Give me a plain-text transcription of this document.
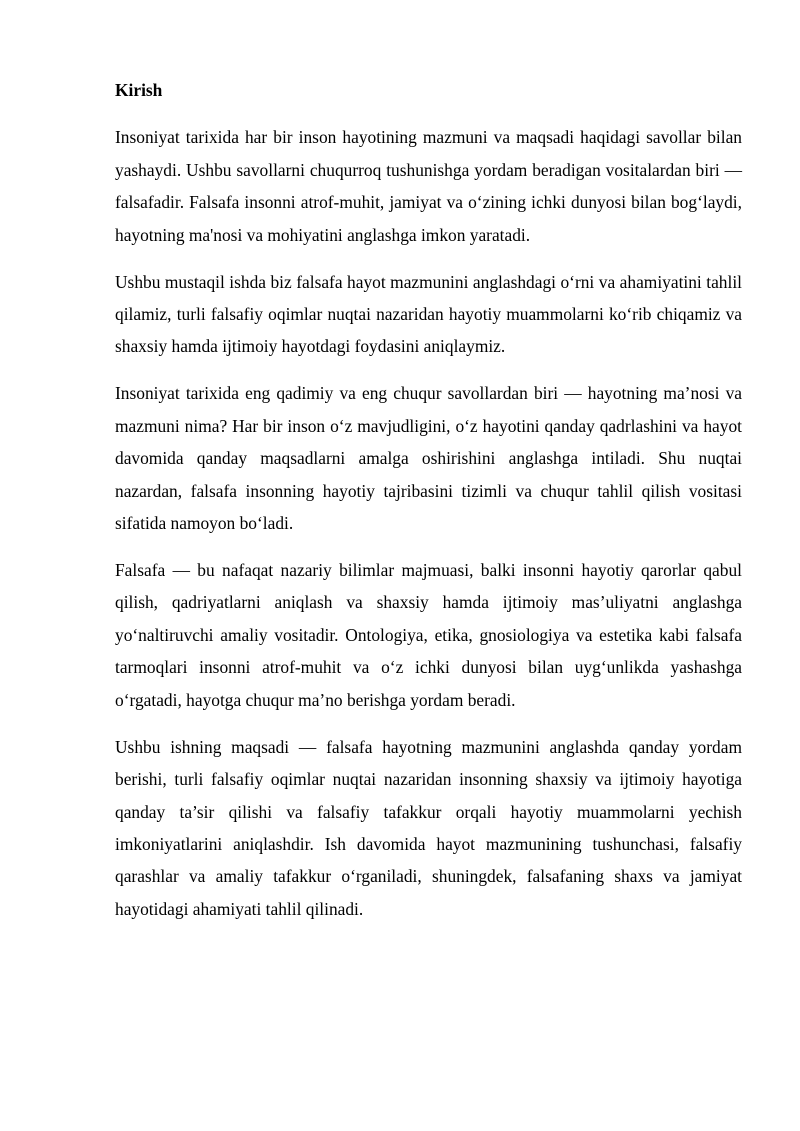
Kirish

Insoniyat tarixida har bir inson hayotining mazmuni va maqsadi haqidagi savollar bilan yashaydi. Ushbu savollarni chuqurroq tushunishga yordam beradigan vositalardan biri — falsafadir. Falsafa insonni atrof-muhit, jamiyat va o‘zining ichki dunyosi bilan bog‘laydi, hayotning ma'nosi va mohiyatini anglashga imkon yaratadi.

Ushbu mustaqil ishda biz falsafa hayot mazmunini anglashdagi o‘rni va ahamiyatini tahlil qilamiz, turli falsafiy oqimlar nuqtai nazaridan hayotiy muammolarni ko‘rib chiqamiz va shaxsiy hamda ijtimoiy hayotdagi foydasini aniqlaymiz.

Insoniyat tarixida eng qadimiy va eng chuqur savollardan biri — hayotning ma’nosi va mazmuni nima? Har bir inson o‘z mavjudligini, o‘z hayotini qanday qadrlashini va hayot davomida qanday maqsadlarni amalga oshirishini anglashga intiladi. Shu nuqtai nazardan, falsafa insonning hayotiy tajribasini tizimli va chuqur tahlil qilish vositasi sifatida namoyon bo‘ladi.

Falsafa — bu nafaqat nazariy bilimlar majmuasi, balki insonni hayotiy qarorlar qabul qilish, qadriyatlarni aniqlash va shaxsiy hamda ijtimoiy mas’uliyatni anglashga yo‘naltiruvchi amaliy vositadir. Ontologiya, etika, gnosiologiya va estetika kabi falsafa tarmoqlari insonni atrof-muhit va o‘z ichki dunyosi bilan uyg‘unlikda yashashga o‘rgatadi, hayotga chuqur ma’no berishga yordam beradi.

Ushbu ishning maqsadi — falsafa hayotning mazmunini anglashda qanday yordam berishi, turli falsafiy oqimlar nuqtai nazaridan insonning shaxsiy va ijtimoiy hayotiga qanday ta’sir qilishi va falsafiy tafakkur orqali hayotiy muammolarni yechish imkoniyatlarini aniqlashdir. Ish davomida hayot mazmunining tushunchasi, falsafiy qarashlar va amaliy tafakkur o‘rganiladi, shuningdek, falsafaning shaxs va jamiyat hayotidagi ahamiyati tahlil qilinadi.
